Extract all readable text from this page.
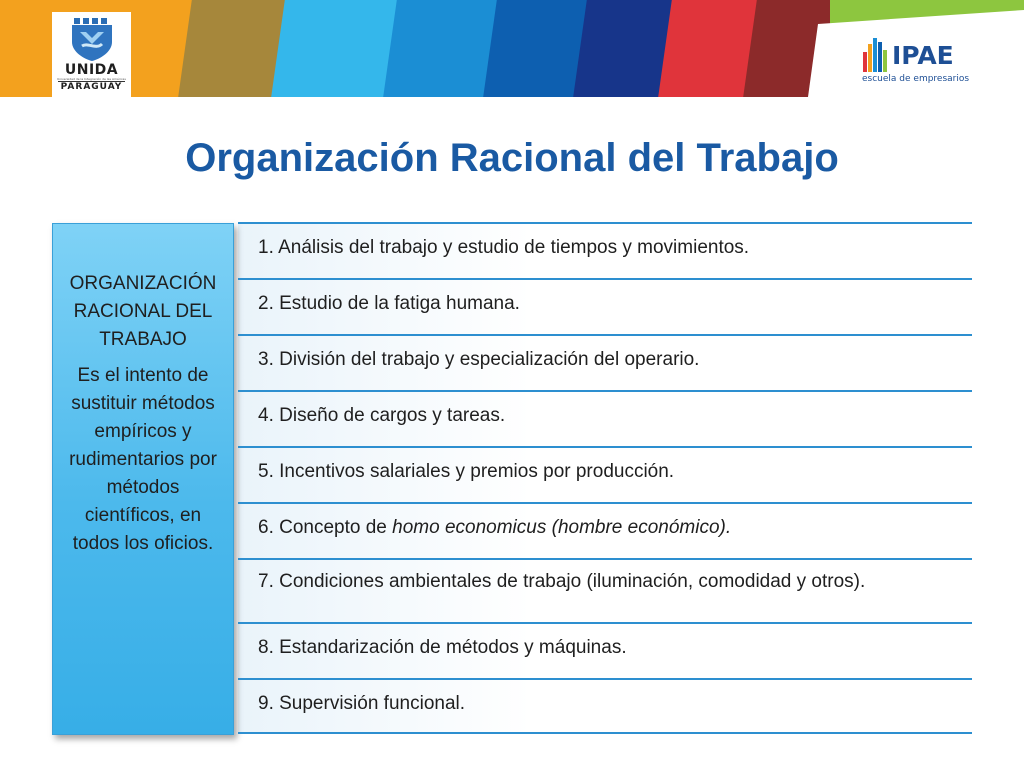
UNIDA
Universidad de la Integración de las Américas
PARAGUAY
IPAE
escuela de empresarios
Organización Racional del Trabajo

ORGANIZACIÓN RACIONAL DEL TRABAJO

Es el intento de sustituir métodos empíricos y rudimentarios por métodos científicos, en todos los oficios.

1. Análisis del trabajo y estudio de tiempos y movimientos.
2. Estudio de la fatiga humana.
3. División del trabajo y especialización del operario.
4. Diseño de cargos y tareas.
5. Incentivos salariales y premios por producción.
6. Concepto de homo economicus (hombre económico).
7. Condiciones ambientales de trabajo (iluminación, comodidad y otros).
8. Estandarización de métodos y máquinas.
9. Supervisión funcional.
